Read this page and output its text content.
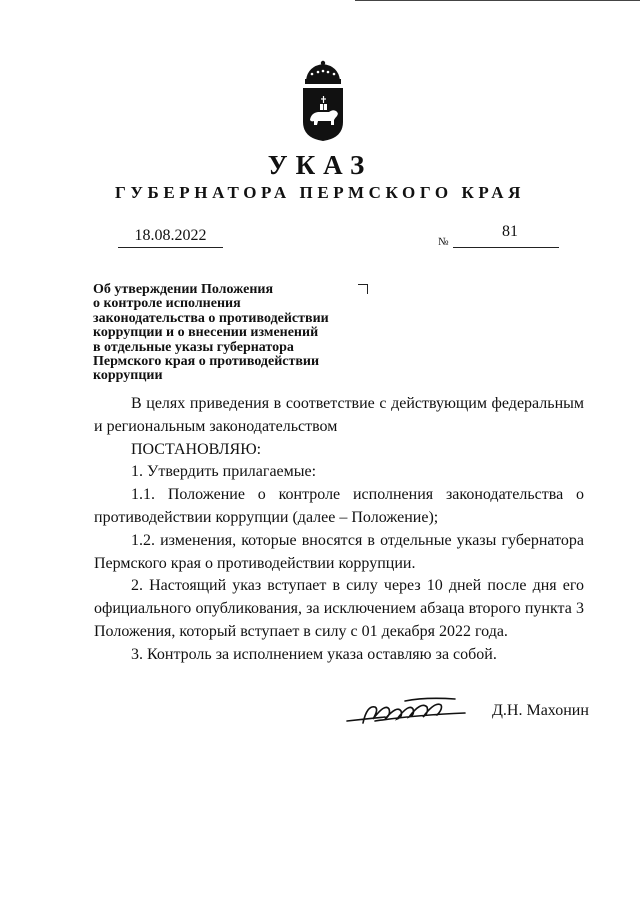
УКАЗ
ГУБЕРНАТОРА ПЕРМСКОГО КРАЯ
18.08.2022	81
№
Об утверждении Положения
о контроле исполнения
законодательства о противодействии
коррупции и о внесении изменений
в отдельные указы губернатора
Пермского края о противодействии
коррупции

В целях приведения в соответствие с действующим федеральным и региональным законодательством

ПОСТАНОВЛЯЮ:

1. Утвердить прилагаемые:

1.1. Положение о контроле исполнения законодательства о противодействии коррупции (далее – Положение);

1.2. изменения, которые вносятся в отдельные указы губернатора Пермского края о противодействии коррупции.

2. Настоящий указ вступает в силу через 10 дней после дня его официального опубликования, за исключением абзаца второго пункта 3 Положения, который вступает в силу с 01 декабря 2022 года.

3. Контроль за исполнением указа оставляю за собой.

Д.Н. Махонин
